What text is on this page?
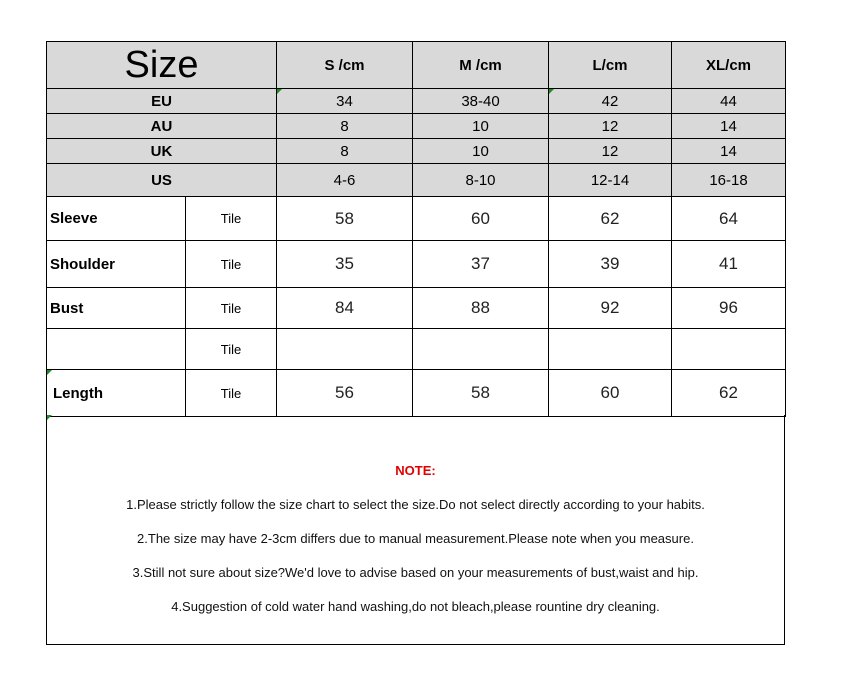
Size		S /cm	M /cm	L/cm	XL/cm
EU		34	38-40	42	44
AU		8	10	12	14
UK		8	10	12	14
US		4-6	8-10	12-14	16-18
Sleeve	Tile	58	60	62	64
Shoulder	Tile	35	37	39	41
Bust	Tile	84	88	92	96
	Tile				
Length	Tile	56	58	60	62
NOTE:
1.Please strictly follow the size chart to select the size.Do not select directly according to your habits.
2.The size may have 2-3cm differs due to manual measurement.Please note when you measure.
3.Still not sure about size?We'd love to advise based on your measurements of bust,waist and hip.
4.Suggestion of cold water hand washing,do not bleach,please rountine dry cleaning.
